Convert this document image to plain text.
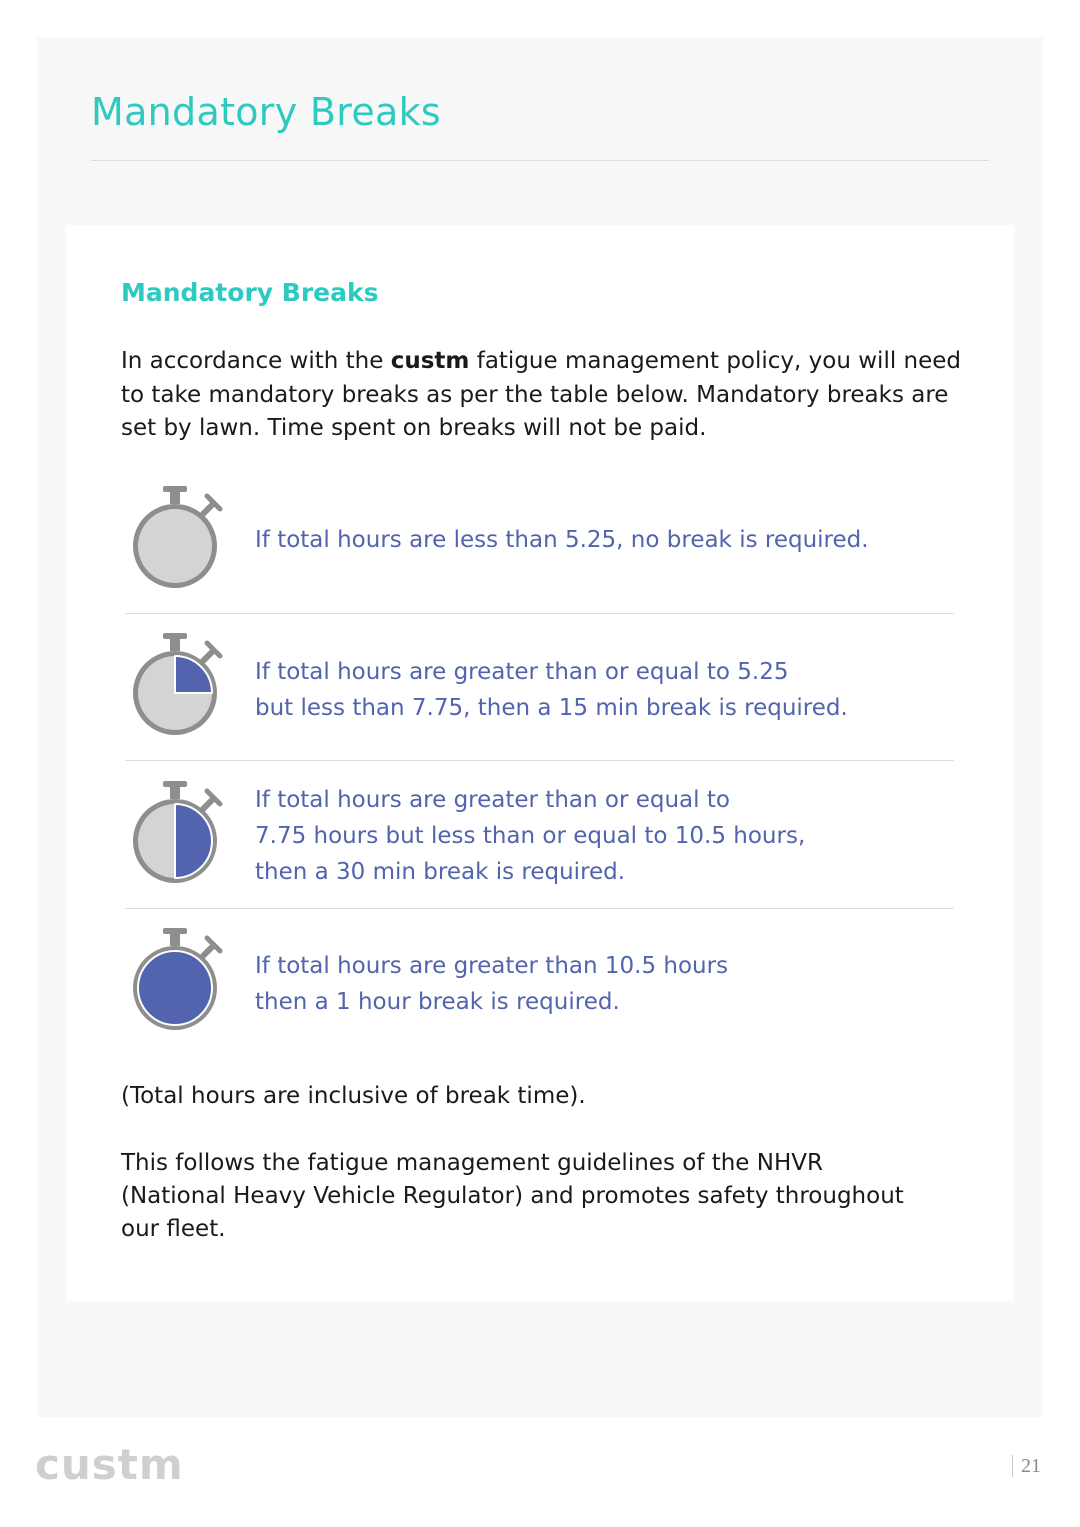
Mandatory Breaks
Mandatory Breaks

In accordance with the custm fatigue management policy, you will need to take mandatory breaks as per the table below. Mandatory breaks are set by lawn. Time spent on breaks will not be paid.

If total hours are less than 5.25, no break is required.

If total hours are greater than or equal to 5.25
but less than 7.75, then a 15 min break is required.

If total hours are greater than or equal to
7.75 hours but less than or equal to 10.5 hours,
then a 30 min break is required.

If total hours are greater than 10.5 hours
then a 1 hour break is required.

(Total hours are inclusive of break time).

This follows the fatigue management guidelines of the NHVR (National Heavy Vehicle Regulator) and promotes safety throughout our fleet.

custm	21
